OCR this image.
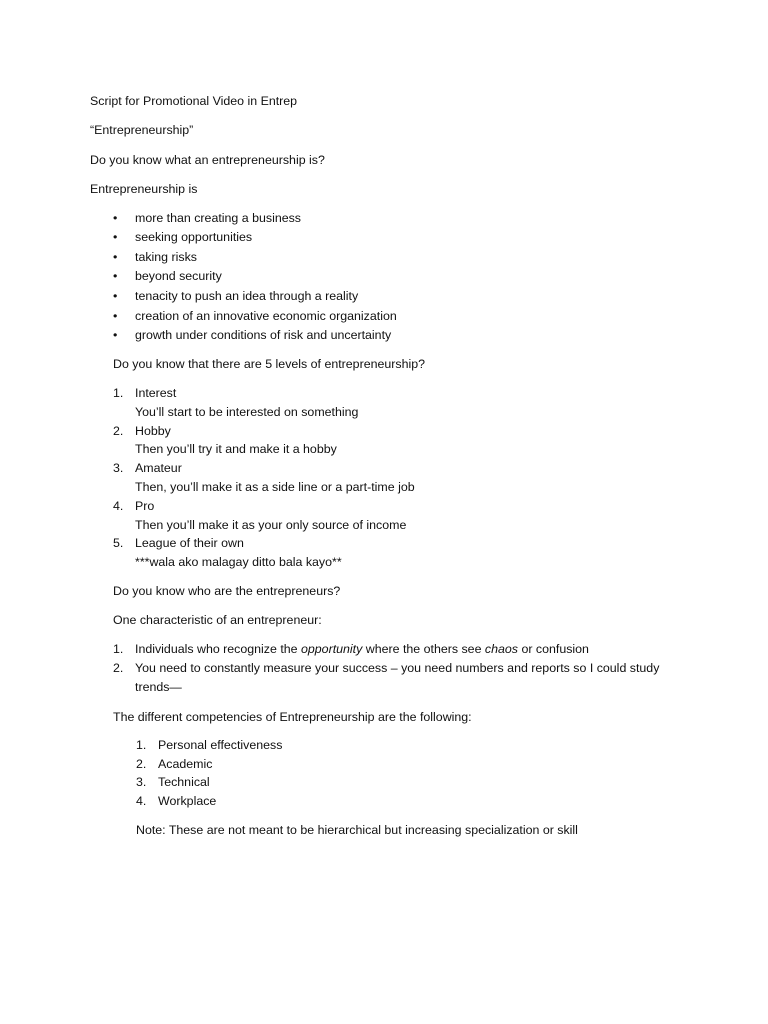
Script for Promotional Video in Entrep
“Entrepreneurship”
Do you know what an entrepreneurship is?
Entrepreneurship is
• more than creating a business
• seeking opportunities
• taking risks
• beyond security
• tenacity to push an idea through a reality
• creation of an innovative economic organization
• growth under conditions of risk and uncertainty
Do you know that there are 5 levels of entrepreneurship?
1. Interest
You’ll start to be interested on something
2. Hobby
Then you’ll try it and make it a hobby
3. Amateur
Then, you’ll make it as a side line or a part-time job
4. Pro
Then you’ll make it as your only source of income
5. League of their own
***wala ako malagay ditto bala kayo**
Do you know who are the entrepreneurs?
One characteristic of an entrepreneur:
1. Individuals who recognize the opportunity where the others see chaos or confusion
2. You need to constantly measure your success – you need numbers and reports so I could study
trends—
The different competencies of Entrepreneurship are the following:
1. Personal effectiveness
2. Academic
3. Technical
4. Workplace
Note: These are not meant to be hierarchical but increasing specialization or skill
